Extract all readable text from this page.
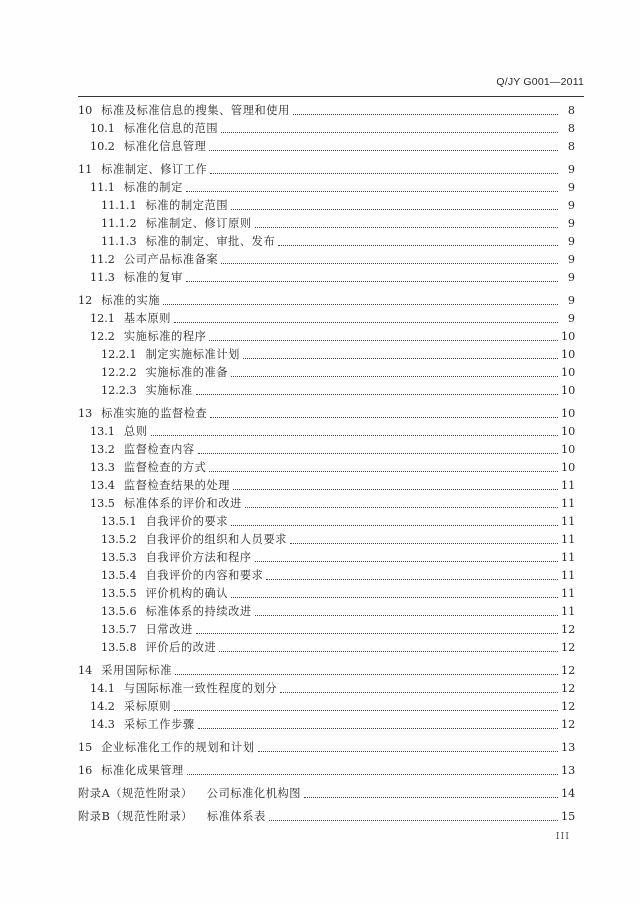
Q/JY G001—2011
10 标准及标准信息的搜集、管理和使用	8
10.1 标准化信息的范围	8
10.2 标准化信息管理	8
11 标准制定、修订工作	9
11.1 标准的制定	9
11.1.1 标准的制定范围	9
11.1.2 标准制定、修订原则	9
11.1.3 标准的制定、审批、发布	9
11.2 公司产品标准备案	9
11.3 标准的复审	9
12 标准的实施	9
12.1 基本原则	9
12.2 实施标准的程序	10
12.2.1 制定实施标准计划	10
12.2.2 实施标准的准备	10
12.2.3 实施标准	10
13 标准实施的监督检查	10
13.1 总则	10
13.2 监督检查内容	10
13.3 监督检查的方式	10
13.4 监督检查结果的处理	11
13.5 标准体系的评价和改进	11
13.5.1 自我评价的要求	11
13.5.2 自我评价的组织和人员要求	11
13.5.3 自我评价方法和程序	11
13.5.4 自我评价的内容和要求	11
13.5.5 评价机构的确认	11
13.5.6 标准体系的持续改进	11
13.5.7 日常改进	12
13.5.8 评价后的改进	12
14 采用国际标准	12
14.1 与国际标准一致性程度的划分	12
14.2 采标原则	12
14.3 采标工作步骤	12
15 企业标准化工作的规划和计划	13
16 标准化成果管理	13
附录A（规范性附录） 公司标准化机构图	14
附录B（规范性附录） 标准体系表	15
III
